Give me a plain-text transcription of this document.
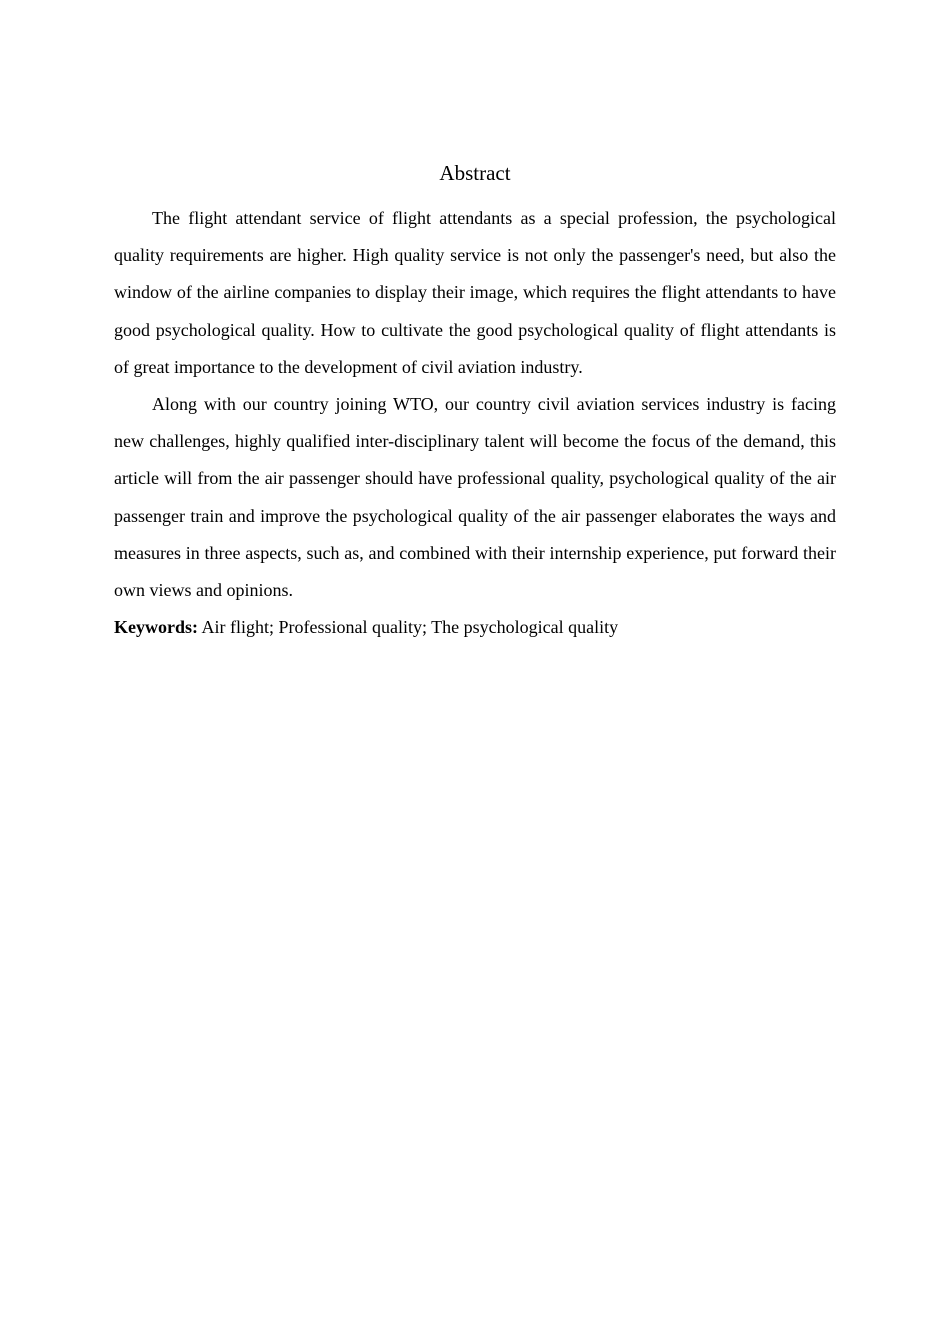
Abstract

The flight attendant service of flight attendants as a special profession, the psychological quality requirements are higher. High quality service is not only the passenger's need, but also the window of the airline companies to display their image, which requires the flight attendants to have good psychological quality. How to cultivate the good psychological quality of flight attendants is of great importance to the development of civil aviation industry.

Along with our country joining WTO, our country civil aviation services industry is facing new challenges, highly qualified inter-disciplinary talent will become the focus of the demand, this article will from the air passenger should have professional quality, psychological quality of the air passenger train and improve the psychological quality of the air passenger elaborates the ways and measures in three aspects, such as, and combined with their internship experience, put forward their own views and opinions.

Keywords: Air flight; Professional quality; The psychological quality
